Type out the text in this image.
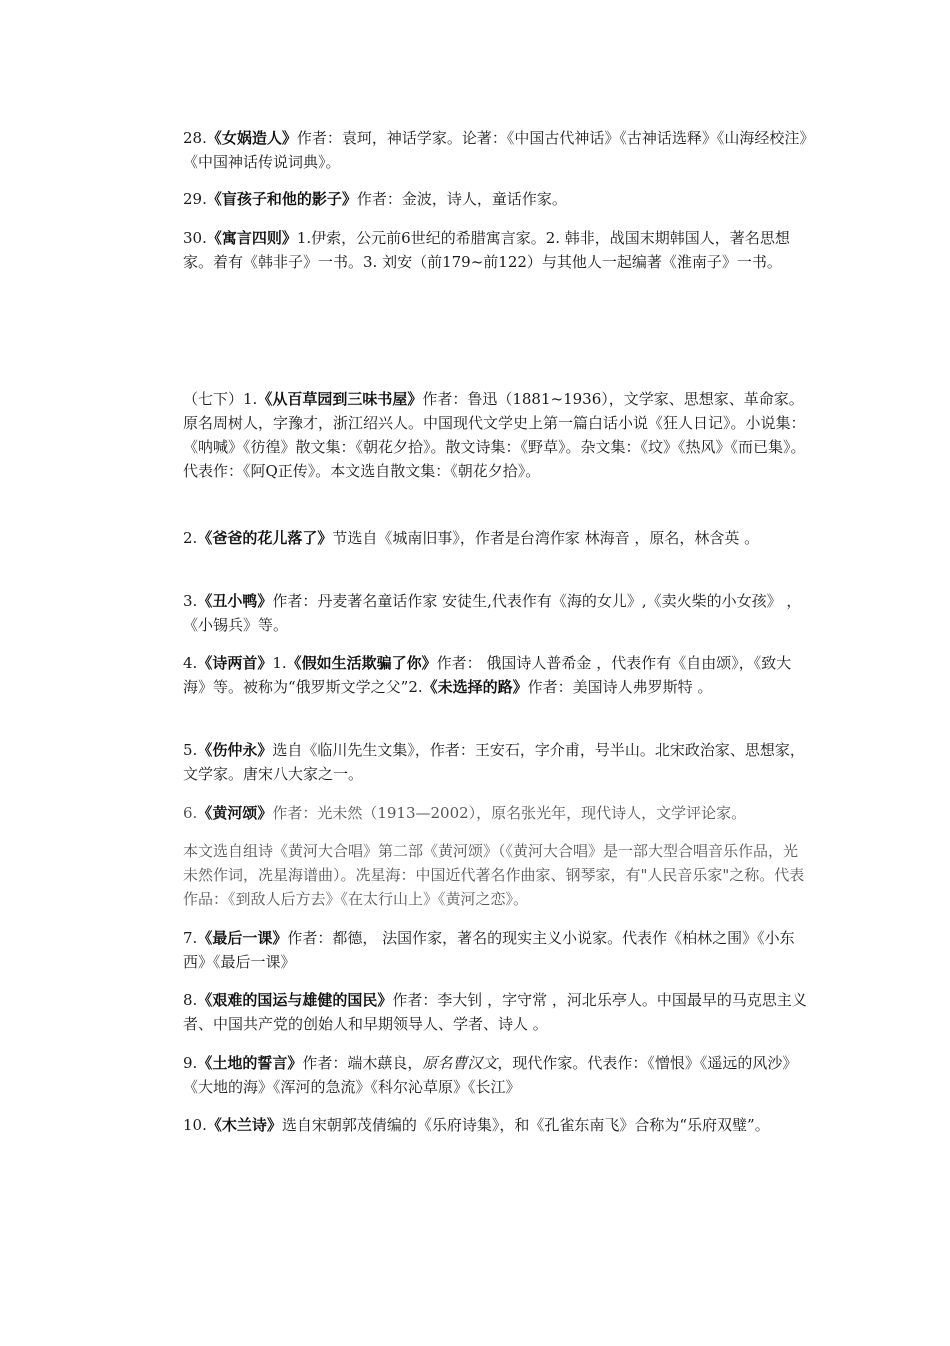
28.《女娲造人》作者：袁珂，神话学家。论著：《中国古代神话》《古神话选释》《山海经校注》《中国神话传说词典》。

29.《盲孩子和他的影子》作者：金波，诗人，童话作家。

30.《寓言四则》1.伊索，公元前6世纪的希腊寓言家。2. 韩非，战国末期韩国人，著名思想家。着有《韩非子》一书。3. 刘安（前179~前122）与其他人一起编著《淮南子》一书。

（七下）1.《从百草园到三味书屋》作者：鲁迅（1881~1936），文学家、思想家、革命家。原名周树人，字豫才，浙江绍兴人。中国现代文学史上第一篇白话小说《狂人日记》。小说集：《呐喊》《彷徨》散文集：《朝花夕拾》。散文诗集：《野草》。杂文集：《坟》《热风》《而已集》。代表作：《阿Q正传》。本文选自散文集：《朝花夕拾》。

2.《爸爸的花儿落了》节选自《城南旧事》，作者是台湾作家 林海音 ，原名，林含英 。

3.《丑小鸭》作者：丹麦著名童话作家 安徒生,代表作有《海的女儿》,《卖火柴的小女孩》 ， 《小锡兵》等。

4.《诗两首》1.《假如生活欺骗了你》作者： 俄国诗人普希金 ，代表作有《自由颂》，《致大海》等。被称为“俄罗斯文学之父”2.《未选择的路》作者：美国诗人弗罗斯特 。

5.《伤仲永》选自《临川先生文集》，作者：王安石，字介甫，号半山。北宋政治家、思想家，文学家。唐宋八大家之一。

6.《黄河颂》作者：光未然（1913—2002），原名张光年，现代诗人，文学评论家。

本文选自组诗《黄河大合唱》第二部《黄河颂》（《黄河大合唱》是一部大型合唱音乐作品，光未然作词，冼星海谱曲）。冼星海：中国近代著名作曲家、钢琴家，有"人民音乐家"之称。代表作品：《到敌人后方去》《在太行山上》《黄河之恋》。

7.《最后一课》作者：都德， 法国作家，著名的现实主义小说家。代表作《柏林之围》《小东西》《最后一课》

8.《艰难的国运与雄健的国民》作者：李大钊 ，字守常 ，河北乐亭人。中国最早的马克思主义者、中国共产党的创始人和早期领导人、学者、诗人 。

9.《土地的誓言》作者：端木蕻良，原名曹汉文，现代作家。代表作：《憎恨》《遥远的风沙》《大地的海》《浑河的急流》《科尔沁草原》《长江》

10.《木兰诗》选自宋朝郭茂倩编的《乐府诗集》，和《孔雀东南飞》合称为“乐府双璧”。
